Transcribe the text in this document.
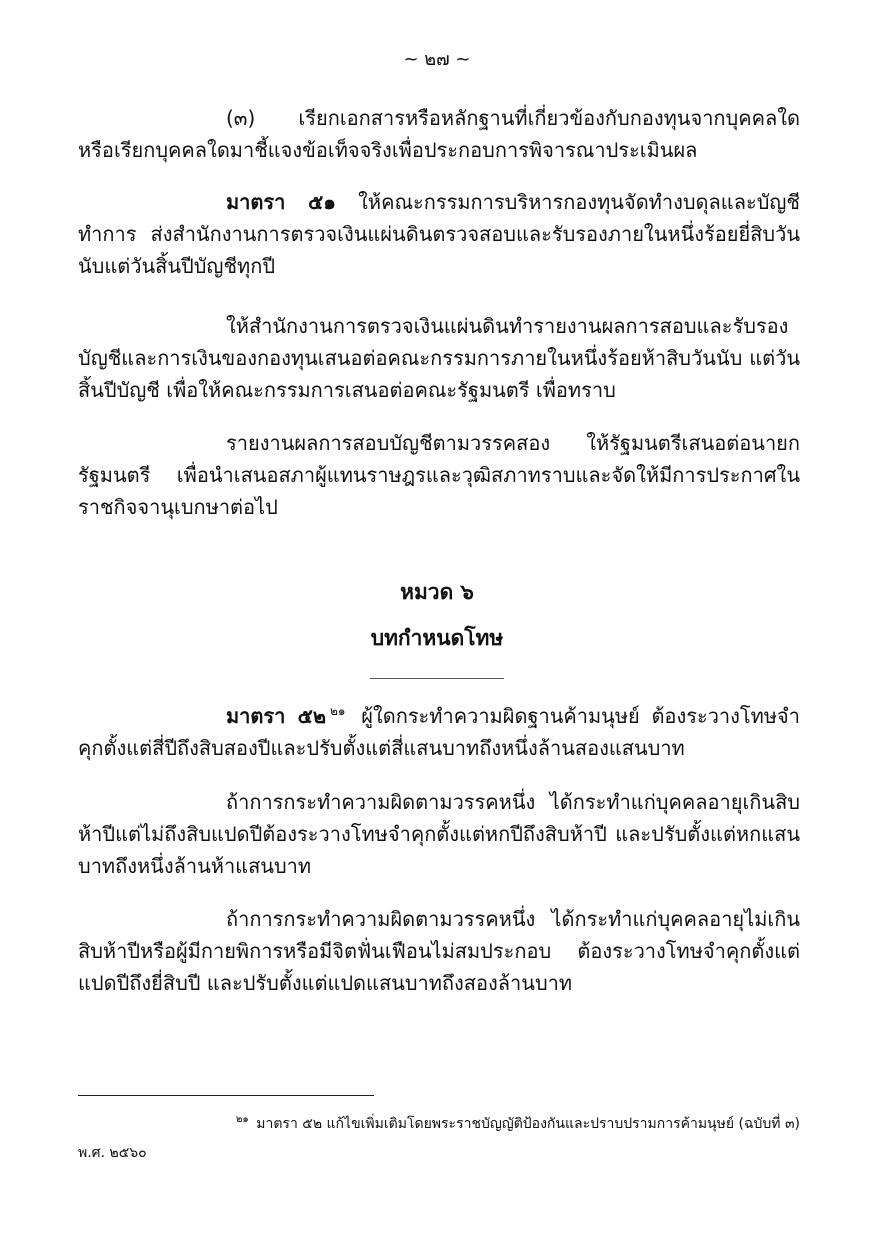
~ ๒๗ ~

(๓) เรียกเอกสารหรือหลักฐานที่เกี่ยวข้องกับกองทุนจากบุคคลใด หรือเรียกบุคคลใดมาชี้แจงข้อเท็จจริงเพื่อประกอบการพิจารณาประเมินผล

มาตรา ๕๑ ให้คณะกรรมการบริหารกองทุนจัดทำงบดุลและบัญชีทำการ ส่งสำนักงานการตรวจเงินแผ่นดินตรวจสอบและรับรองภายในหนึ่งร้อยยี่สิบวันนับแต่วันสิ้นปีบัญชีทุกปี

ให้สำนักงานการตรวจเงินแผ่นดินทำรายงานผลการสอบและรับรองบัญชีและการเงินของกองทุนเสนอต่อคณะกรรมการภายในหนึ่งร้อยห้าสิบวันนับ แต่วันสิ้นปีบัญชี เพื่อให้คณะกรรมการเสนอต่อคณะรัฐมนตรี เพื่อทราบ

รายงานผลการสอบบัญชีตามวรรคสอง ให้รัฐมนตรีเสนอต่อนายกรัฐมนตรี เพื่อนำเสนอสภาผู้แทนราษฎรและวุฒิสภาทราบและจัดให้มีการประกาศในราชกิจจานุเบกษาต่อไป

หมวด ๖
บทกำหนดโทษ

มาตรา ๕๒ $^{๒๑}$ ผู้ใดกระทำความผิดฐานค้ามนุษย์ ต้องระวางโทษจำคุกตั้งแต่สี่ปีถึงสิบสองปีและปรับตั้งแต่สี่แสนบาทถึงหนึ่งล้านสองแสนบาท

ถ้าการกระทำความผิดตามวรรคหนึ่ง ได้กระทำแก่บุคคลอายุเกินสิบห้าปีแต่ไม่ถึงสิบแปดปีต้องระวางโทษจำคุกตั้งแต่หกปีถึงสิบห้าปี และปรับตั้งแต่หกแสนบาทถึงหนึ่งล้านห้าแสนบาท

ถ้าการกระทำความผิดตามวรรคหนึ่ง ได้กระทำแก่บุคคลอายุไม่เกินสิบห้าปีหรือผู้มีกายพิการหรือมีจิตฟั่นเฟือนไม่สมประกอบ ต้องระวางโทษจำคุกตั้งแต่แปดปีถึงยี่สิบปี และปรับตั้งแต่แปดแสนบาทถึงสองล้านบาท

$^{๒๑}$ มาตรา ๕๒ แก้ไขเพิ่มเติมโดยพระราชบัญญัติป้องกันและปราบปรามการค้ามนุษย์ (ฉบับที่ ๓)
พ.ศ. ๒๕๖๐
